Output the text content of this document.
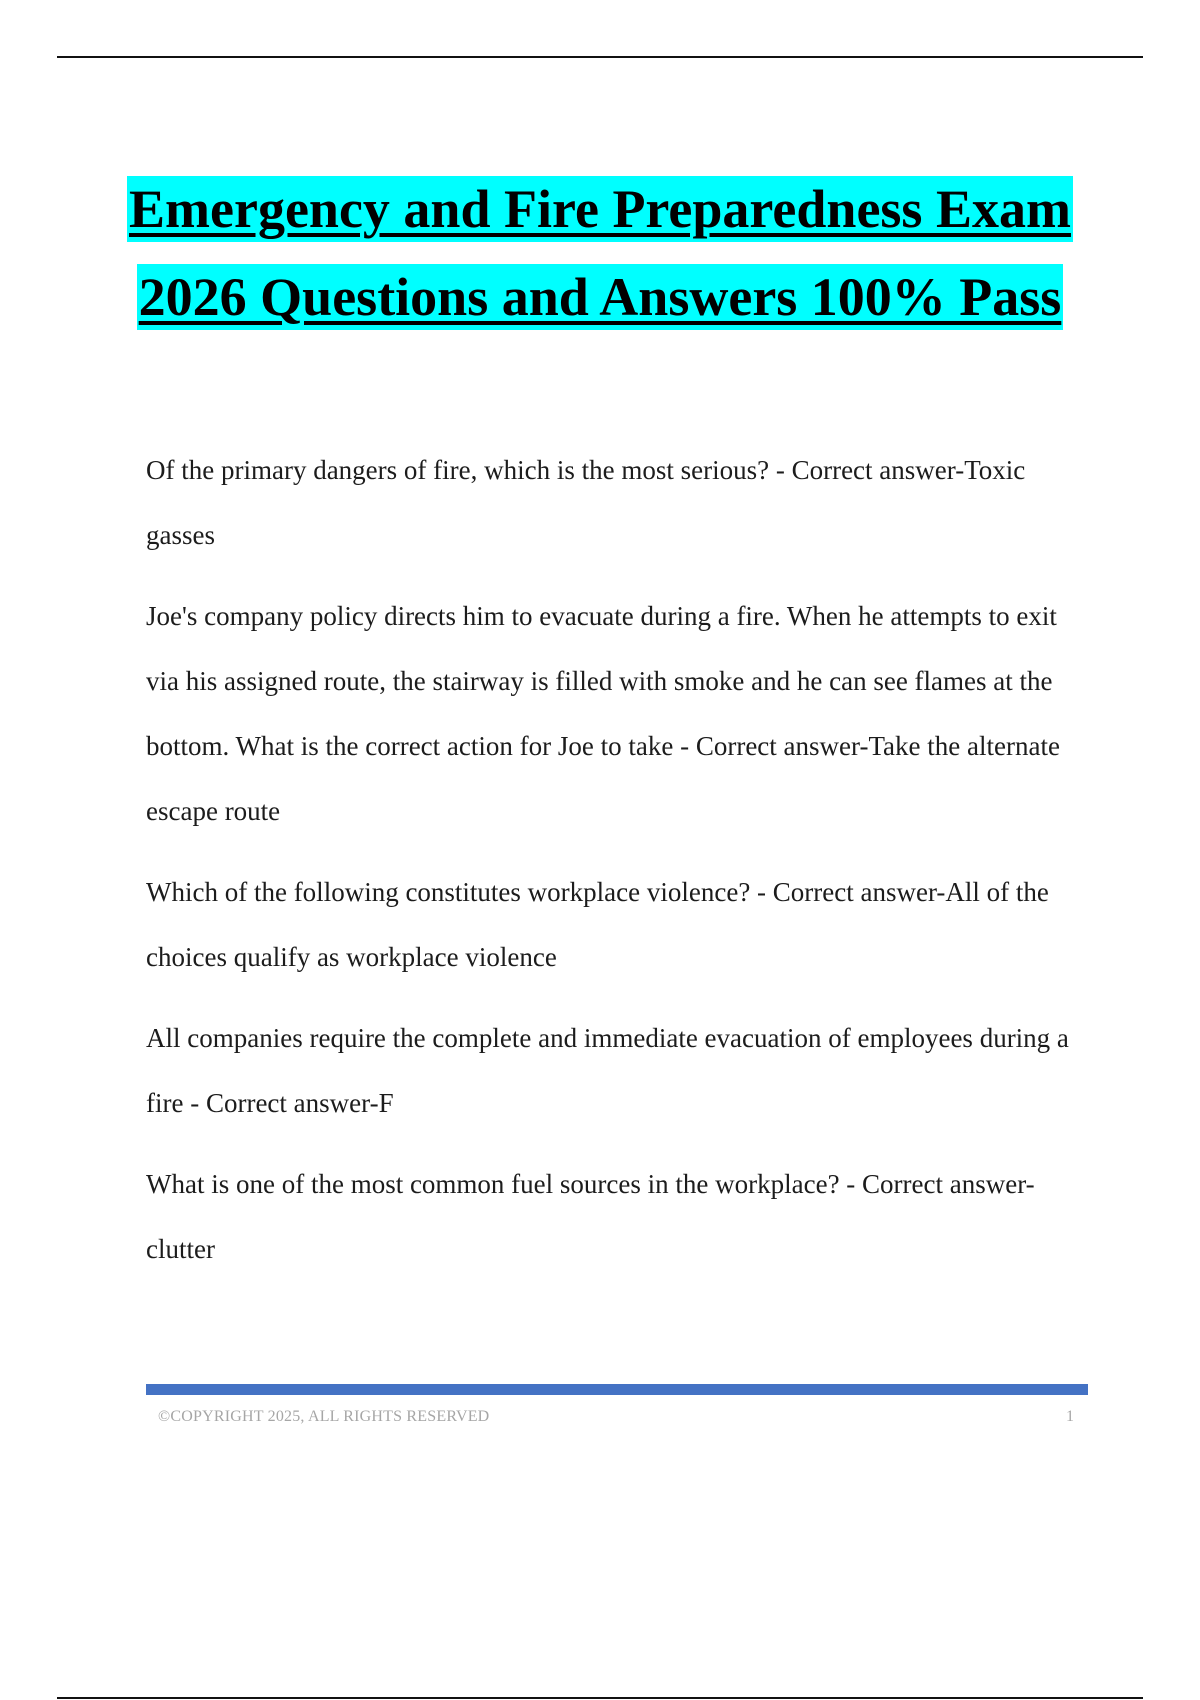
Emergency and Fire Preparedness Exam
2026 Questions and Answers 100% Pass

Of the primary dangers of fire, which is the most serious? - Correct answer-Toxic gasses

Joe's company policy directs him to evacuate during a fire. When he attempts to exit via his assigned route, the stairway is filled with smoke and he can see flames at the bottom. What is the correct action for Joe to take - Correct answer-Take the alternate escape route

Which of the following constitutes workplace violence? - Correct answer-All of the choices qualify as workplace violence

All companies require the complete and immediate evacuation of employees during a fire - Correct answer-F

What is one of the most common fuel sources in the workplace? - Correct answer-clutter

©COPYRIGHT 2025, ALL RIGHTS RESERVED	1
